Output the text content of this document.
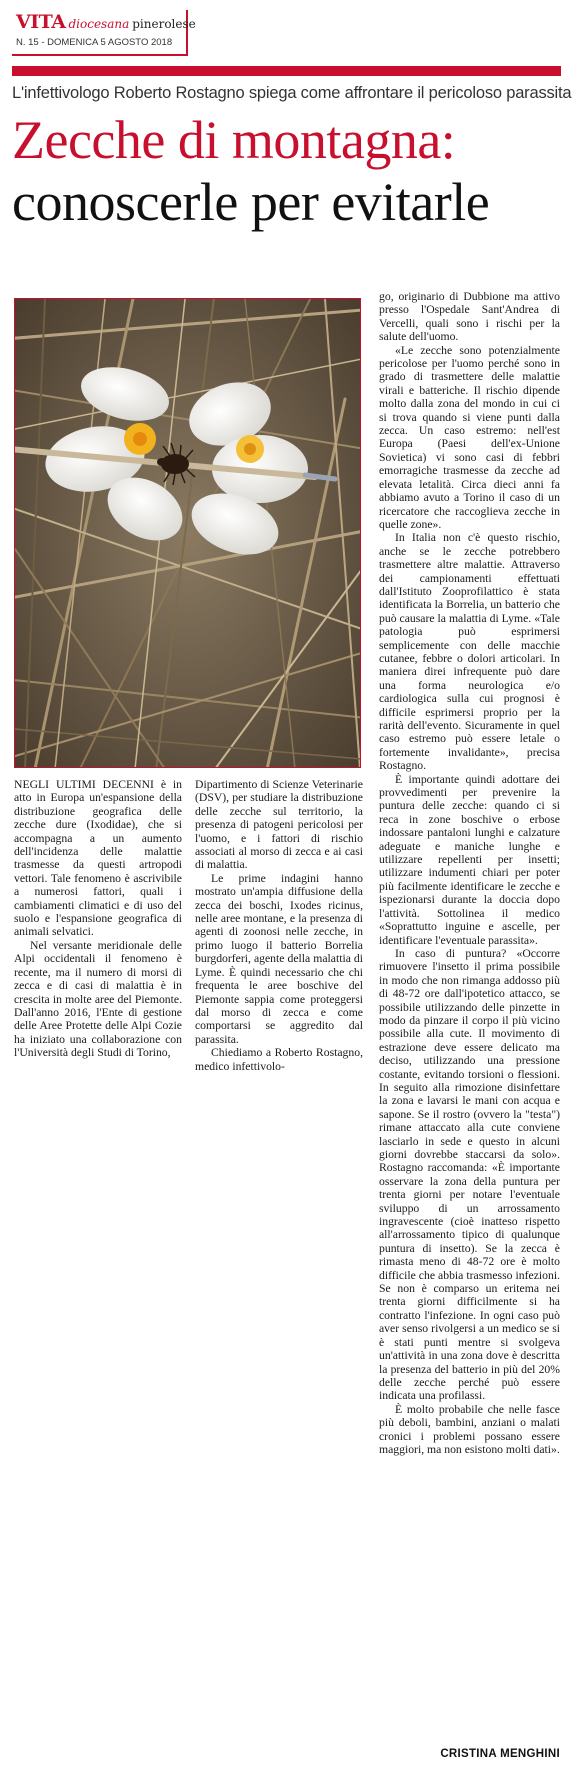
VITA diocesana pinerolese
N. 15 - DOMENICA 5 AGOSTO 2018
L'infettivologo Roberto Rostagno spiega come affrontare il pericoloso parassita
Zecche di montagna:
conoscerle per evitarle

NEGLI ULTIMI DECENNI è in atto in Europa un'espansione della distribuzione geografica delle zecche dure (Ixodidae), che si accompagna a un aumento dell'incidenza delle malattie trasmesse da questi artropodi vettori. Tale fenomeno è ascrivibile a numerosi fattori, quali i cambiamenti climatici e di uso del suolo e l'espansione geografica di animali selvatici.

Nel versante meridionale delle Alpi occidentali il fenomeno è recente, ma il numero di morsi di zecca e di casi di malattia è in crescita in molte aree del Piemonte. Dall'anno 2016, l'Ente di gestione delle Aree Protette delle Alpi Cozie ha iniziato una collaborazione con l'Università degli Studi di Torino,

Dipartimento di Scienze Veterinarie (DSV), per studiare la distribuzione delle zecche sul territorio, la presenza di patogeni pericolosi per l'uomo, e i fattori di rischio associati al morso di zecca e ai casi di malattia.

Le prime indagini hanno mostrato un'ampia diffusione della zecca dei boschi, Ixodes ricinus, nelle aree montane, e la presenza di agenti di zoonosi nelle zecche, in primo luogo il batterio Borrelia burgdorferi, agente della malattia di Lyme. È quindi necessario che chi frequenta le aree boschive del Piemonte sappia come proteggersi dal morso di zecca e come comportarsi se aggredito dal parassita.

Chiediamo a Roberto Rostagno, medico infettivolo-

go, originario di Dubbione ma attivo presso l'Ospedale Sant'Andrea di Vercelli, quali sono i rischi per la salute dell'uomo.

«Le zecche sono potenzialmente pericolose per l'uomo perché sono in grado di trasmettere delle malattie virali e batteriche. Il rischio dipende molto dalla zona del mondo in cui ci si trova quando si viene punti dalla zecca. Un caso estremo: nell'est Europa (Paesi dell'ex-Unione Sovietica) vi sono casi di febbri emorragiche trasmesse da zecche ad elevata letalità. Circa dieci anni fa abbiamo avuto a Torino il caso di un ricercatore che raccoglieva zecche in quelle zone».

In Italia non c'è questo rischio, anche se le zecche potrebbero trasmettere altre malattie. Attraverso dei campionamenti effettuati dall'Istituto Zooprofilattico è stata identificata la Borrelia, un batterio che può causare la malattia di Lyme. «Tale patologia può esprimersi semplicemente con delle macchie cutanee, febbre o dolori articolari. In maniera direi infrequente può dare una forma neurologica e/o cardiologica sulla cui prognosi è difficile esprimersi proprio per la rarità dell'evento. Sicuramente in quel caso estremo può essere letale o fortemente invalidante», precisa Rostagno.

È importante quindi adottare dei provvedimenti per prevenire la puntura delle zecche: quando ci si reca in zone boschive o erbose indossare pantaloni lunghi e calzature adeguate e maniche lunghe e utilizzare repellenti per insetti; utilizzare indumenti chiari per poter più facilmente identificare le zecche e ispezionarsi durante la doccia dopo l'attività. Sottolinea il medico «Soprattutto inguine e ascelle, per identificare l'eventuale parassita».

In caso di puntura? «Occorre rimuovere l'insetto il prima possibile in modo che non rimanga addosso più di 48-72 ore dall'ipotetico attacco, se possibile utilizzando delle pinzette in modo da pinzare il corpo il più vicino possibile alla cute. Il movimento di estrazione deve essere delicato ma deciso, utilizzando una pressione costante, evitando torsioni o flessioni. In seguito alla rimozione disinfettare la zona e lavarsi le mani con acqua e sapone. Se il rostro (ovvero la "testa") rimane attaccato alla cute conviene lasciarlo in sede e questo in alcuni giorni dovrebbe staccarsi da solo». Rostagno raccomanda: «È importante osservare la zona della puntura per trenta giorni per notare l'eventuale sviluppo di un arrossamento ingravescente (cioè inatteso rispetto all'arrossamento tipico di qualunque puntura di insetto). Se la zecca è rimasta meno di 48-72 ore è molto difficile che abbia trasmesso infezioni. Se non è comparso un eritema nei trenta giorni difficilmente si ha contratto l'infezione. In ogni caso può aver senso rivolgersi a un medico se si è stati punti mentre si svolgeva un'attività in una zona dove è descritta la presenza del batterio in più del 20% delle zecche perché può essere indicata una profilassi.

È molto probabile che nelle fasce più deboli, bambini, anziani o malati cronici i problemi possano essere maggiori, ma non esistono molti dati».

CRISTINA MENGHINI
